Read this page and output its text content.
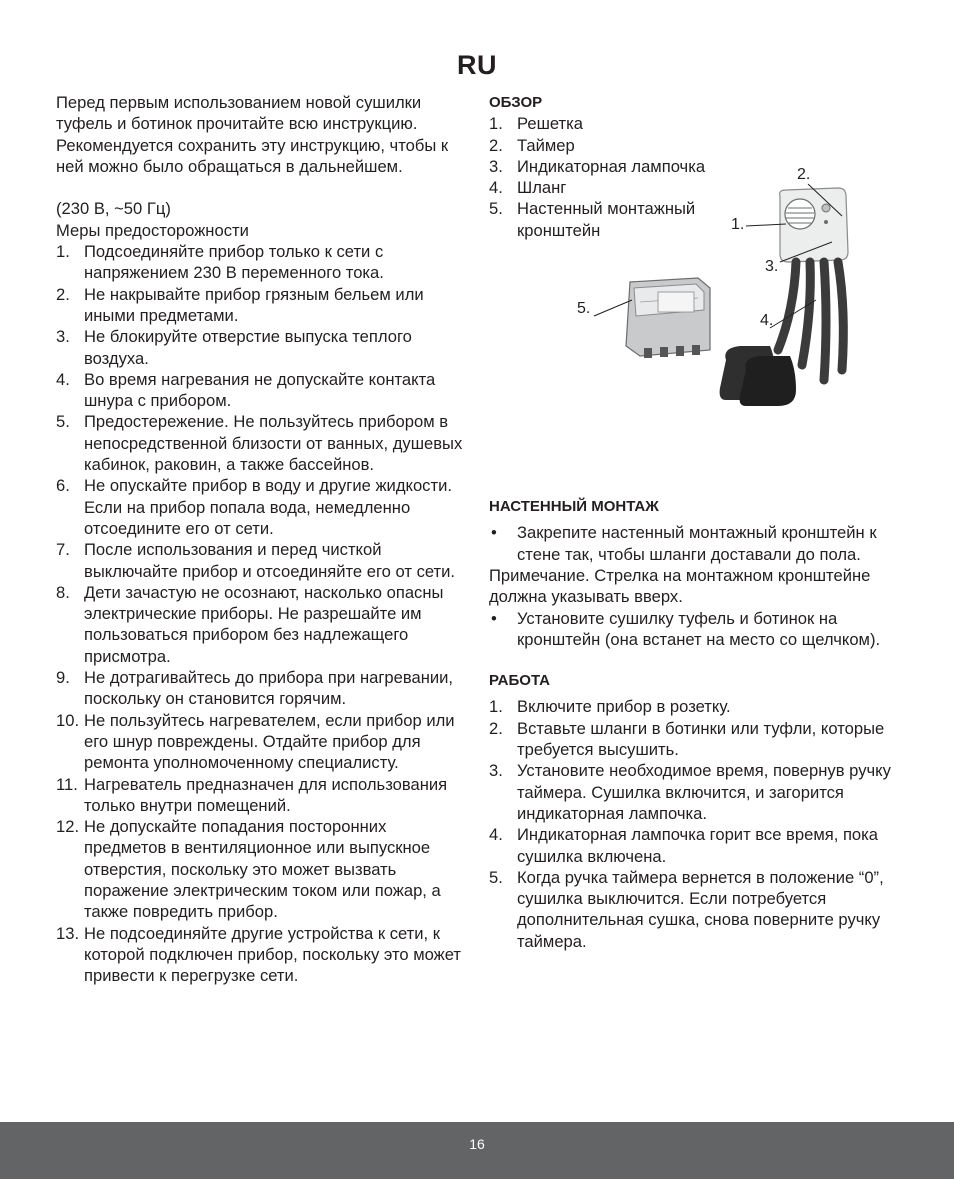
RU

Перед первым использованием новой сушилки туфель и ботинок прочитайте всю инструкцию. Рекомендуется сохранить эту инструкцию, чтобы к ней можно было обращаться в дальнейшем.

(230 В, ~50 Гц)

Меры предосторожности

1. Подсоединяйте прибор только к сети с напряжением 230 В переменного тока.
2. Не накрывайте прибор грязным бельем или иными предметами.
3. Не блокируйте отверстие выпуска теплого воздуха.
4. Во время нагревания не допускайте контакта шнура с прибором.
5. Предостережение. Не пользуйтесь прибором в непосредственной близости от ванных, душевых кабинок, раковин, а также бассейнов.
6. Не опускайте прибор в воду и другие жидкости. Если на прибор попала вода, немедленно отсоедините его от сети.
7. После использования и перед чисткой выключайте прибор и отсоединяйте его от сети.
8. Дети зачастую не осознают, насколько опасны электрические приборы. Не разрешайте им пользоваться прибором без надлежащего присмотра.
9. Не дотрагивайтесь до прибора при нагревании, поскольку он становится горячим.
10. Не пользуйтесь нагревателем, если прибор или его шнур повреждены. Отдайте прибор для ремонта уполномоченному специалисту.
11. Нагреватель предназначен для использования только внутри помещений.
12. Не допускайте попадания посторонних предметов в вентиляционное или выпускное отверстия, поскольку это может вызвать поражение электрическим током или пожар, а также повредить прибор.
13. Не подсоединяйте другие устройства к сети, к которой подключен прибор, поскольку это может привести к перегрузке сети.

ОБЗОР

1. Решетка
2. Таймер
3. Индикаторная лампочка
4. Шланг
5. Настенный монтажный кронштейн

НАСТЕННЫЙ МОНТАЖ

• Закрепите настенный монтажный кронштейн к стене так, чтобы шланги доставали до пола.

Примечание. Стрелка на монтажном кронштейне должна указывать вверх.

• Установите сушилку туфель и ботинок на кронштейн (она встанет на место со щелчком).

РАБОТА

1. Включите прибор в розетку.
2. Вставьте шланги в ботинки или туфли, которые требуется высушить.
3. Установите необходимое время, повернув ручку таймера. Сушилка включится, и загорится индикаторная лампочка.
4. Индикаторная лампочка горит все время, пока сушилка включена.
5. Когда ручка таймера вернется в положение “0”, сушилка выключится. Если потребуется дополнительная сушка, снова поверните ручку таймера.
1.
2.
3.
4.
5.
16
